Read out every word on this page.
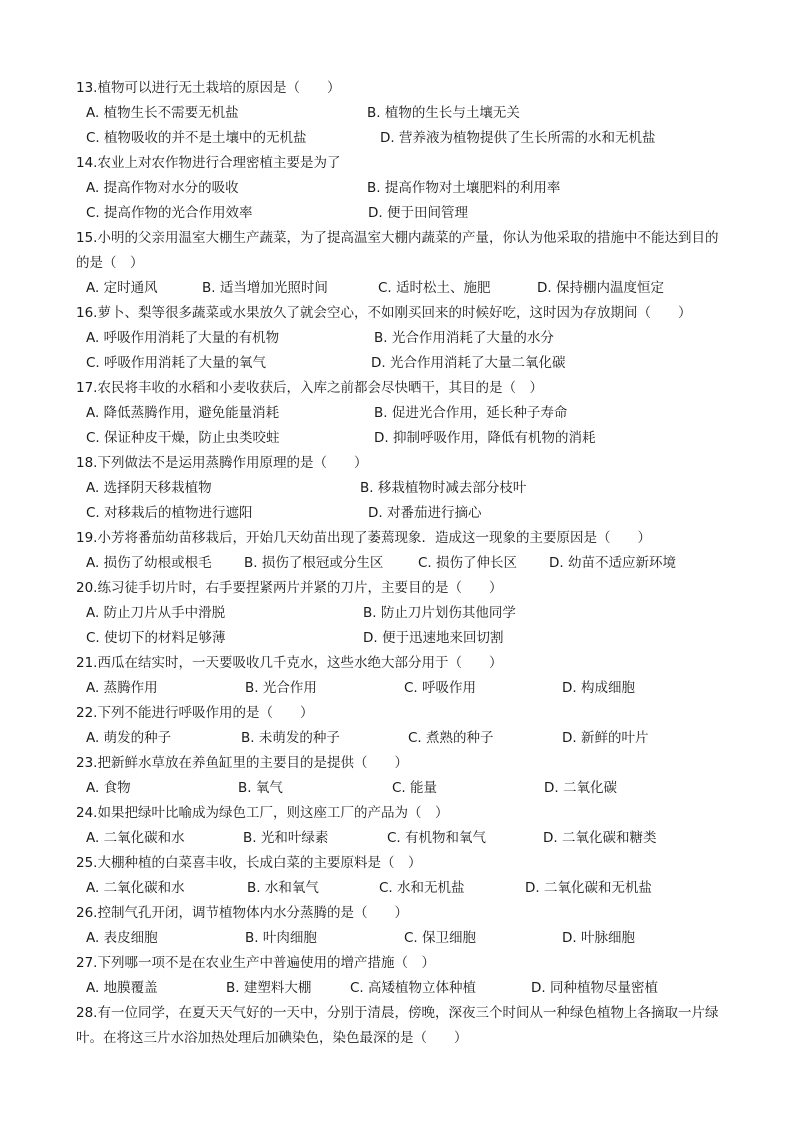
13.植物可以进行无土栽培的原因是（　　）
A. 植物生长不需要无机盐	B. 植物的生长与土壤无关
C. 植物吸收的并不是土壤中的无机盐	D. 营养液为植物提供了生长所需的水和无机盐
14.农业上对农作物进行合理密植主要是为了
A. 提高作物对水分的吸收	B. 提高作物对土壤肥料的利用率
C. 提高作物的光合作用效率	D. 便于田间管理
15.小明的父亲用温室大棚生产蔬菜，为了提高温室大棚内蔬菜的产量，你认为他采取的措施中不能达到目的的是（　）
A. 定时通风	B. 适当增加光照时间	C. 适时松土、施肥	D. 保持棚内温度恒定
16.萝卜、梨等很多蔬菜或水果放久了就会空心，不如刚买回来的时候好吃，这时因为存放期间（　　）
A. 呼吸作用消耗了大量的有机物	B. 光合作用消耗了大量的水分
C. 呼吸作用消耗了大量的氧气	D. 光合作用消耗了大量二氧化碳
17.农民将丰收的水稻和小麦收获后，入库之前都会尽快晒干，其目的是（　）
A. 降低蒸腾作用，避免能量消耗	B. 促进光合作用，延长种子寿命
C. 保证种皮干燥，防止虫类咬蛀	D. 抑制呼吸作用，降低有机物的消耗
18.下列做法不是运用蒸腾作用原理的是（　　）
A. 选择阴天移栽植物	B. 移栽植物时减去部分枝叶
C. 对移栽后的植物进行遮阳	D. 对番茄进行摘心
19.小芳将番茄幼苗移栽后，开始几天幼苗出现了萎蔫现象．造成这一现象的主要原因是（　　）
A. 损伤了幼根或根毛 B. 损伤了根冠或分生区	C. 损伤了伸长区 D. 幼苗不适应新环境
20.练习徒手切片时，右手要捏紧两片并紧的刀片，主要目的是（　　）
A. 防止刀片从手中滑脱	B. 防止刀片划伤其他同学
C. 使切下的材料足够薄	D. 便于迅速地来回切割
21.西瓜在结实时，一天要吸收几千克水，这些水绝大部分用于（　　）
A. 蒸腾作用	B. 光合作用	C. 呼吸作用	D. 构成细胞
22.下列不能进行呼吸作用的是（　　）
A. 萌发的种子	B. 未萌发的种子	C. 煮熟的种子	D. 新鲜的叶片
23.把新鲜水草放在养鱼缸里的主要目的是提供（　　）
A. 食物	B. 氧气	C. 能量	D. 二氧化碳
24.如果把绿叶比喻成为绿色工厂，则这座工厂的产品为（　）
A. 二氧化碳和水	B. 光和叶绿素	C. 有机物和氧气	D. 二氧化碳和糖类
25.大棚种植的白菜喜丰收，长成白菜的主要原料是（　）
A. 二氧化碳和水	B. 水和氧气	C. 水和无机盐	D. 二氧化碳和无机盐
26.控制气孔开闭，调节植物体内水分蒸腾的是（　　）
A. 表皮细胞	B. 叶肉细胞	C. 保卫细胞	D. 叶脉细胞
27.下列哪一项不是在农业生产中普遍使用的增产措施（　）
A. 地膜覆盖	B. 建塑料大棚	C. 高矮植物立体种植	D. 同种植物尽量密植
28.有一位同学，在夏天天气好的一天中，分别于清晨，傍晚，深夜三个时间从一种绿色植物上各摘取一片绿叶。在将这三片水浴加热处理后加碘染色，染色最深的是（　　）
